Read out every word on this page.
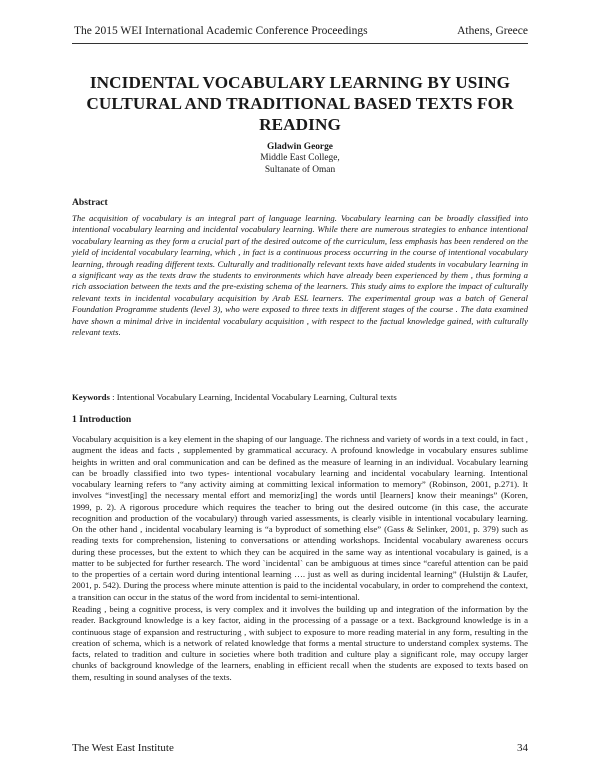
The 2015 WEI International Academic Conference Proceedings	Athens, Greece
INCIDENTAL VOCABULARY LEARNING BY USING CULTURAL AND TRADITIONAL BASED TEXTS FOR READING
Gladwin George
Middle East College,
Sultanate of Oman
Abstract

The acquisition of vocabulary is an integral part of language learning. Vocabulary learning can be broadly classified into intentional vocabulary learning and incidental vocabulary learning. While there are numerous strategies to enhance intentional vocabulary learning as they form a crucial part of the desired outcome of the curriculum, less emphasis has been rendered on the yield of incidental vocabulary learning, which , in fact is a continuous process occurring in the course of intentional vocabulary learning, through reading different texts. Culturally and traditionally relevant texts have aided students in vocabulary learning in a significant way as the texts draw the students to environments which have already been experienced by them , thus forming a rich association between the texts and the pre-existing schema of the learners. This study aims to explore the impact of culturally relevant texts in incidental vocabulary acquisition by Arab ESL learners. The experimental group was a batch of General Foundation Programme students (level 3), who were exposed to three texts in different stages of the course . The data examined have shown a minimal drive in incidental vocabulary acquisition , with respect to the factual knowledge gained, with culturally relevant texts.

Keywords : Intentional Vocabulary Learning, Incidental Vocabulary Learning, Cultural texts

1 Introduction

Vocabulary acquisition is a key element in the shaping of our language. The richness and variety of words in a text could, in fact , augment the ideas and facts , supplemented by grammatical accuracy. A profound knowledge in vocabulary ensures sublime heights in written and oral communication and can be defined as the measure of learning in an individual. Vocabulary learning can be broadly classified into two types- intentional vocabulary learning and incidental vocabulary learning. Intentional vocabulary learning refers to “any activity aiming at committing lexical information to memory” (Robinson, 2001, p.271). It involves “invest[ing] the necessary mental effort and memoriz[ing] the words until [learners] know their meanings” (Koren, 1999, p. 2). A rigorous procedure which requires the teacher to bring out the desired outcome (in this case, the accurate recognition and production of the vocabulary) through varied assessments, is clearly visible in intentional vocabulary learning. On the other hand , incidental vocabulary learning is “a byproduct of something else” (Gass & Selinker, 2001, p. 379) such as reading texts for comprehension, listening to conversations or attending workshops. Incidental vocabulary awareness occurs during these processes, but the extent to which they can be acquired in the same way as intentional vocabulary is gained, is a matter to be subjected for further research. The word `incidental` can be ambiguous at times since “careful attention can be paid to the properties of a certain word during intentional learning …. just as well as during incidental learning” (Hulstijn & Laufer, 2001, p. 542). During the process where minute attention is paid to the incidental vocabulary, in order to comprehend the context, a transition can occur in the status of the word from incidental to semi-intentional.

Reading , being a cognitive process, is very complex and it involves the building up and integration of the information by the reader. Background knowledge is a key factor, aiding in the processing of a passage or a text. Background knowledge is in a continuous stage of expansion and restructuring , with subject to exposure to more reading material in any form, resulting in the creation of schema, which is a network of related knowledge that forms a mental structure to understand complex systems. The facts, related to tradition and culture in societies where both tradition and culture play a significant role, may occupy larger chunks of background knowledge of the learners, enabling in efficient recall when the students are exposed to texts based on them, resulting in sound analyses of the texts.

The West East Institute	34
